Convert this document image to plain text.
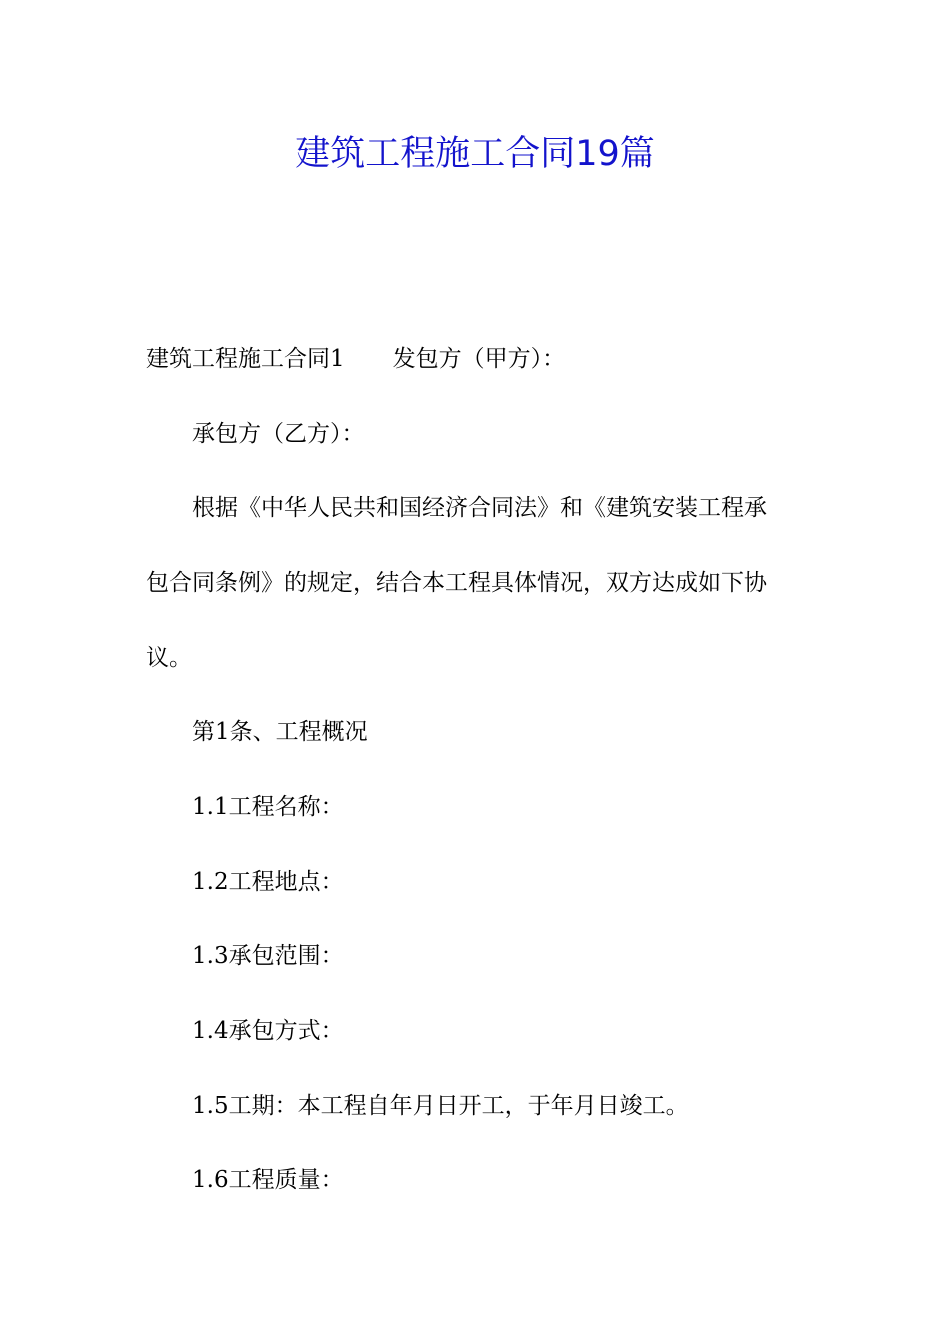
建筑工程施工合同19篇
建筑工程施工合同1 发包方（甲方）：
承包方（乙方）：
根据《中华人民共和国经济合同法》和《建筑安装工程承
包合同条例》的规定，结合本工程具体情况，双方达成如下协
议。
第1条、工程概况
1.1工程名称：
1.2工程地点：
1.3承包范围：
1.4承包方式：
1.5工期：本工程自年月日开工，于年月日竣工。
1.6工程质量：
